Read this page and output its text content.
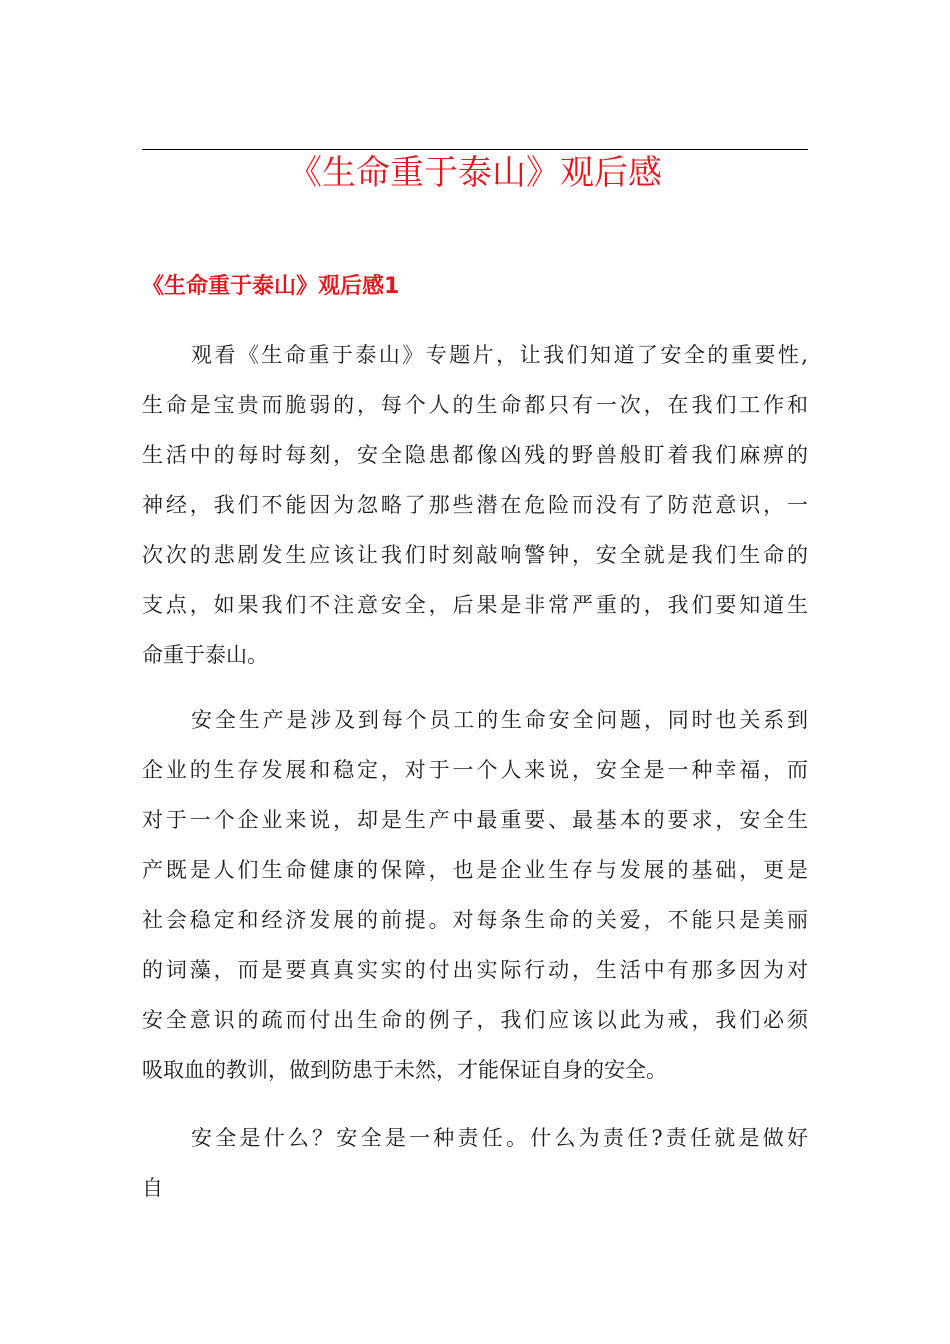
《生命重于泰山》观后感
《生命重于泰山》观后感1

观看《生命重于泰山》专题片，让我们知道了安全的重要性,
生命是宝贵而脆弱的，每个人的生命都只有一次，在我们工作和
生活中的每时每刻，安全隐患都像凶残的野兽般盯着我们麻痹的
神经，我们不能因为忽略了那些潜在危险而没有了防范意识，一
次次的悲剧发生应该让我们时刻敲响警钟，安全就是我们生命的
支点，如果我们不注意安全，后果是非常严重的，我们要知道生
命重于泰山。

安全生产是涉及到每个员工的生命安全问题，同时也关系到
企业的生存发展和稳定，对于一个人来说，安全是一种幸福，而
对于一个企业来说，却是生产中最重要、最基本的要求，安全生
产既是人们生命健康的保障，也是企业生存与发展的基础，更是
社会稳定和经济发展的前提。对每条生命的关爱，不能只是美丽
的词藻，而是要真真实实的付出实际行动，生活中有那多因为对
安全意识的疏而付出生命的例子，我们应该以此为戒，我们必须
吸取血的教训，做到防患于未然，才能保证自身的安全。

安全是什么？安全是一种责任。什么为责任?责任就是做好
自
